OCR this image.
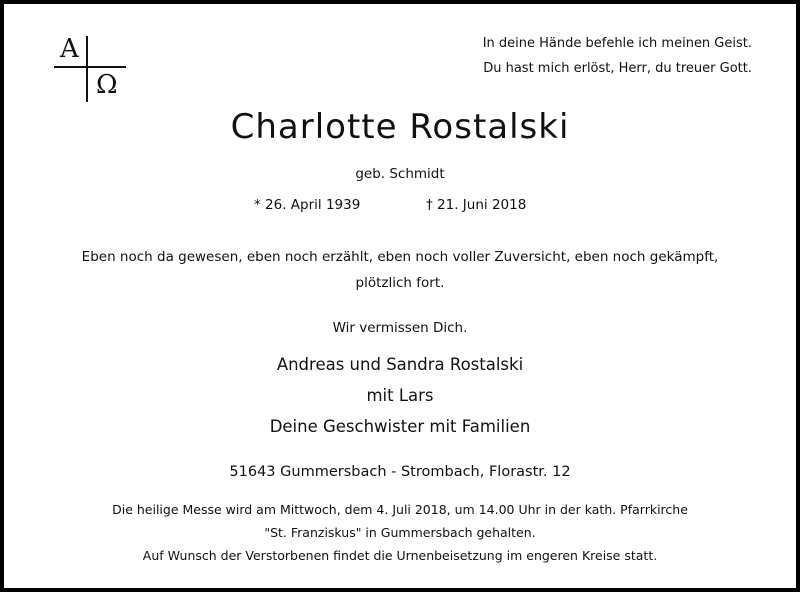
A
Ω
In deine Hände befehle ich meinen Geist.
Du hast mich erlöst, Herr, du treuer Gott.
Charlotte Rostalski
geb. Schmidt
* 26. April 1939	† 21. Juni 2018
Eben noch da gewesen, eben noch erzählt, eben noch voller Zuversicht, eben noch gekämpft,
plötzlich fort.
Wir vermissen Dich.
Andreas und Sandra Rostalski
mit Lars
Deine Geschwister mit Familien
51643 Gummersbach - Strombach, Florastr. 12
Die heilige Messe wird am Mittwoch, dem 4. Juli 2018, um 14.00 Uhr in der kath. Pfarrkirche
"St. Franziskus" in Gummersbach gehalten.
Auf Wunsch der Verstorbenen findet die Urnenbeisetzung im engeren Kreise statt.
